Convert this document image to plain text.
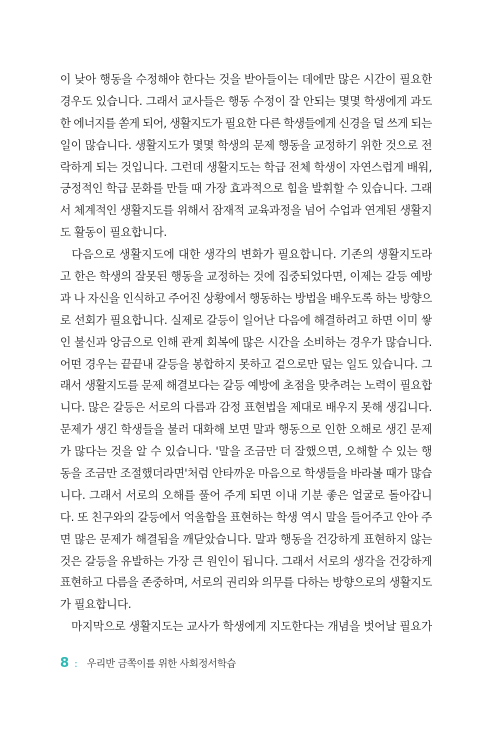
이 낮아 행동을 수정해야 한다는 것을 받아들이는 데에만 많은 시간이 필요한
경우도 있습니다. 그래서 교사들은 행동 수정이 잘 안되는 몇몇 학생에게 과도
한 에너지를 쏟게 되어, 생활지도가 필요한 다른 학생들에게 신경을 덜 쓰게 되는
일이 많습니다. 생활지도가 몇몇 학생의 문제 행동을 교정하기 위한 것으로 전
락하게 되는 것입니다. 그런데 생활지도는 학급 전체 학생이 자연스럽게 배워,
긍정적인 학급 문화를 만들 때 가장 효과적으로 힘을 발휘할 수 있습니다. 그래
서 체계적인 생활지도를 위해서 잠재적 교육과정을 넘어 수업과 연계된 생활지
도 활동이 필요합니다.
　다음으로 생활지도에 대한 생각의 변화가 필요합니다. 기존의 생활지도라
고 한은 학생의 잘못된 행동을 교정하는 것에 집중되었다면, 이제는 갈등 예방
과 나 자신을 인식하고 주어진 상황에서 행동하는 방법을 배우도록 하는 방향으
로 선회가 필요합니다. 실제로 갈등이 일어난 다음에 해결하려고 하면 이미 쌓
인 불신과 앙금으로 인해 관계 회복에 많은 시간을 소비하는 경우가 많습니다.
어떤 경우는 끝끝내 갈등을 봉합하지 못하고 겉으로만 덮는 일도 있습니다. 그
래서 생활지도를 문제 해결보다는 갈등 예방에 초점을 맞추려는 노력이 필요합
니다. 많은 갈등은 서로의 다름과 감정 표현법을 제대로 배우지 못해 생깁니다.
문제가 생긴 학생들을 불러 대화해 보면 말과 행동으로 인한 오해로 생긴 문제
가 많다는 것을 알 수 있습니다. '말을 조금만 더 잘했으면, 오해할 수 있는 행
동을 조금만 조절했더라면'처럼 안타까운 마음으로 학생들을 바라볼 때가 많습
니다. 그래서 서로의 오해를 풀어 주게 되면 이내 기분 좋은 얼굴로 돌아갑니
다. 또 친구와의 갈등에서 억울함을 표현하는 학생 역시 말을 들어주고 안아 주
면 많은 문제가 해결됨을 깨닫았습니다. 말과 행동을 건강하게 표현하지 않는
것은 갈등을 유발하는 가장 큰 원인이 됩니다. 그래서 서로의 생각을 건강하게
표현하고 다름을 존중하며, 서로의 권리와 의무를 다하는 방향으로의 생활지도
가 필요합니다.
　마지막으로 생활지도는 교사가 학생에게 지도한다는 개념을 벗어날 필요가
8 : 우리반 금쪽이를 위한 사회정서학습
